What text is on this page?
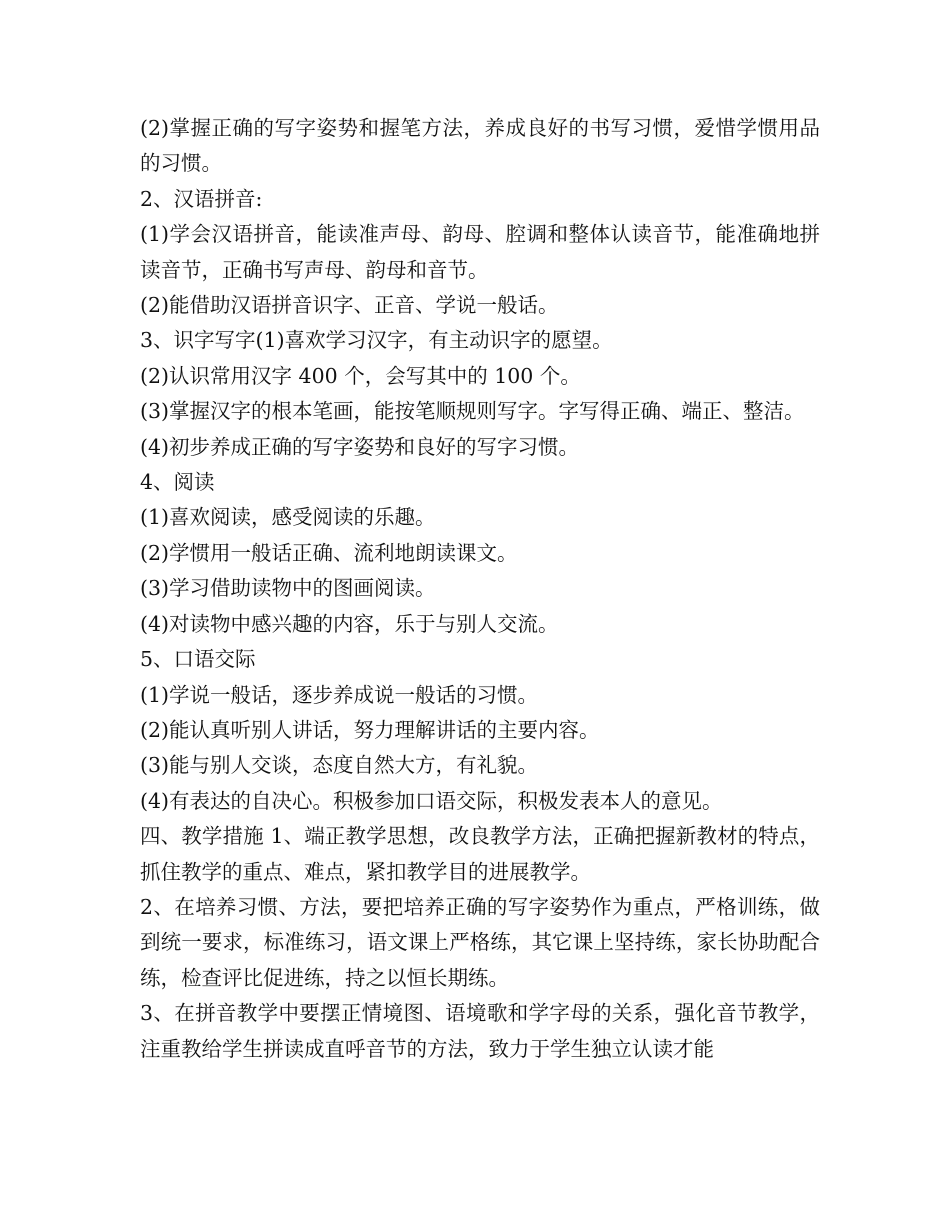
(2)掌握正确的写字姿势和握笔方法，养成良好的书写习惯，爱惜学惯用品的习惯。

2、汉语拼音:

(1)学会汉语拼音，能读准声母、韵母、腔调和整体认读音节，能准确地拼读音节，正确书写声母、韵母和音节。

(2)能借助汉语拼音识字、正音、学说一般话。

3、识字写字(1)喜欢学习汉字，有主动识字的愿望。

(2)认识常用汉字 400 个，会写其中的 100 个。

(3)掌握汉字的根本笔画，能按笔顺规则写字。字写得正确、端正、整洁。

(4)初步养成正确的写字姿势和良好的写字习惯。

4、阅读

(1)喜欢阅读，感受阅读的乐趣。

(2)学惯用一般话正确、流利地朗读课文。

(3)学习借助读物中的图画阅读。

(4)对读物中感兴趣的内容，乐于与别人交流。

5、口语交际

(1)学说一般话，逐步养成说一般话的习惯。

(2)能认真听别人讲话，努力理解讲话的主要内容。

(3)能与别人交谈，态度自然大方，有礼貌。

(4)有表达的自决心。积极参加口语交际，积极发表本人的意见。

四、教学措施 1、端正教学思想，改良教学方法，正确把握新教材的特点，抓住教学的重点、难点，紧扣教学目的进展教学。

2、在培养习惯、方法，要把培养正确的写字姿势作为重点，严格训练，做到统一要求，标准练习，语文课上严格练，其它课上坚持练，家长协助配合练，检查评比促进练，持之以恒长期练。

3、在拼音教学中要摆正情境图、语境歌和学字母的关系，强化音节教学，注重教给学生拼读成直呼音节的方法，致力于学生独立认读才能
